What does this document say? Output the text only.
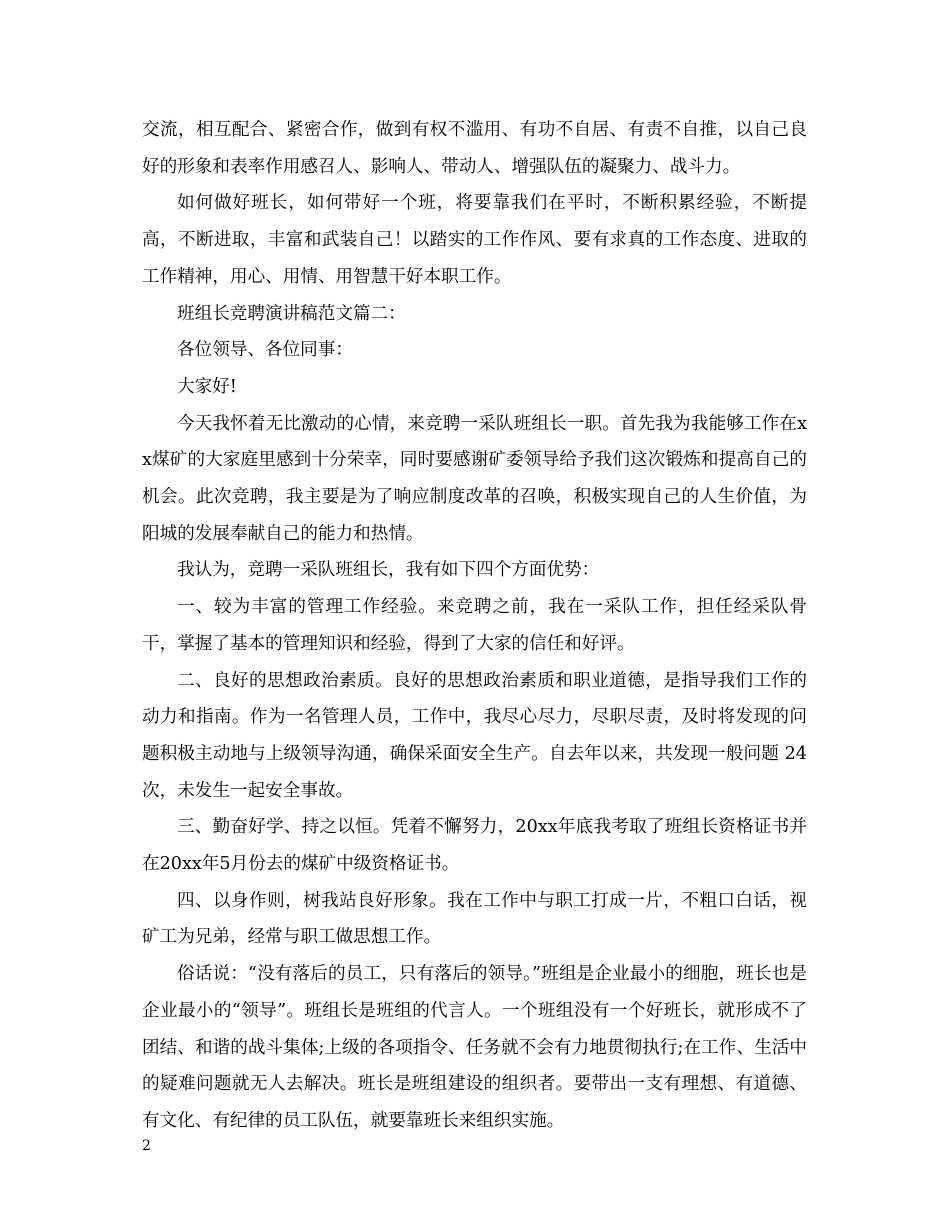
交流，相互配合、紧密合作，做到有权不滥用、有功不自居、有责不自推，以自己良好的形象和表率作用感召人、影响人、带动人、增强队伍的凝聚力、战斗力。

如何做好班长，如何带好一个班，将要靠我们在平时，不断积累经验，不断提高，不断进取，丰富和武装自己！以踏实的工作作风、要有求真的工作态度、进取的工作精神，用心、用情、用智慧干好本职工作。

班组长竞聘演讲稿范文篇二：

各位领导、各位同事：

大家好!

今天我怀着无比激动的心情，来竞聘一采队班组长一职。首先我为我能够工作在xx煤矿的大家庭里感到十分荣幸，同时要感谢矿委领导给予我们这次锻炼和提高自己的机会。此次竞聘，我主要是为了响应制度改革的召唤，积极实现自己的人生价值，为阳城的发展奉献自己的能力和热情。

我认为，竞聘一采队班组长，我有如下四个方面优势：

一、较为丰富的管理工作经验。来竞聘之前，我在一采队工作，担任经采队骨干，掌握了基本的管理知识和经验，得到了大家的信任和好评。

二、良好的思想政治素质。良好的思想政治素质和职业道德，是指导我们工作的动力和指南。作为一名管理人员，工作中，我尽心尽力，尽职尽责，及时将发现的问题积极主动地与上级领导沟通，确保采面安全生产。自去年以来，共发现一般问题 24 次，未发生一起安全事故。

三、勤奋好学、持之以恒。凭着不懈努力，20xx年底我考取了班组长资格证书并在20xx年5月份去的煤矿中级资格证书。

四、以身作则，树我站良好形象。我在工作中与职工打成一片，不粗口白话，视矿工为兄弟，经常与职工做思想工作。

俗话说：“没有落后的员工，只有落后的领导。”班组是企业最小的细胞，班长也是企业最小的“领导”。班组长是班组的代言人。一个班组没有一个好班长，就形成不了团结、和谐的战斗集体;上级的各项指令、任务就不会有力地贯彻执行;在工作、生活中的疑难问题就无人去解决。班长是班组建设的组织者。要带出一支有理想、有道德、有文化、有纪律的员工队伍，就要靠班长来组织实施。

2
